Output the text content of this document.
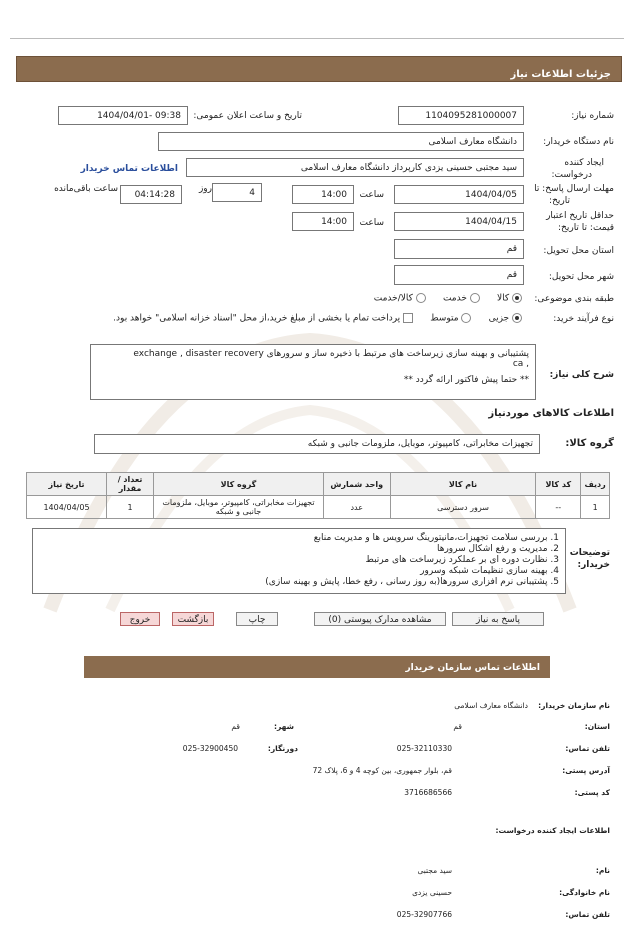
جزئیات اطلاعات نیاز
شماره نیاز:
1104095281000007
تاریخ و ساعت اعلان عمومی:
1404/04/01- 09:38
نام دستگاه خریدار:
دانشگاه معارف اسلامی
ایجاد کننده
درخواست:
سید مجتبی حسینی یزدی کارپرداز دانشگاه معارف اسلامی
اطلاعات تماس خریدار
مهلت ارسال پاسخ: تا
تاریخ:
1404/04/05
ساعت
14:00
4
روز
04:14:28
ساعت باقی‌مانده
حداقل تاریخ اعتبار
قیمت: تا تاریخ:
1404/04/15
ساعت
14:00
استان محل تحویل:
قم
شهر محل تحویل:
قم
طبقه بندی موضوعی:
کالا       خدمت       کالا/خدمت
نوع فرآیند خرید:
جزیی       متوسط       پرداخت تمام یا بخشی از مبلغ خرید،از محل "اسناد خزانه اسلامی" خواهد بود.
شرح کلی نیاز:
پشتیبانی و بهینه سازی زیرساخت های مرتبط با ذخیره ساز و سرورهای exchange , disaster recovery
ca ,
** حتما پیش فاکتور ارائه گردد **
اطلاعات کالاهای موردنیاز
گروه کالا:
تجهیزات مخابراتی، کامپیوتر، موبایل، ملزومات جانبی و شبکه
ردیف	کد کالا	نام کالا	واحد شمارش	گروه کالا	تعداد / مقدار	تاریخ نیاز
1	--	سرور دسترسی	عدد	تجهیزات مخابراتی، کامپیوتر، موبایل، ملزومات جانبی و شبکه	1	1404/04/05
توضیحات
خریدار:
1. بررسی سلامت تجهیزات،مانیتورینگ سرویس ها و مدیریت منابع
2. مدیریت و رفع اشکال سرورها
3. نظارت دوره ای بر عملکرد زیرساخت های مرتبط
4. بهینه سازی تنظیمات شبکه وسرور
5. پشتیبانی نرم افزاری سرورها(به روز رسانی ، رفع خطا، پایش و بهینه سازی)
پاسخ به نیاز
مشاهده مدارک پیوستی (0)
چاپ
بازگشت
خروج
اطلاعات تماس سازمان خریدار
نام سازمان خریدار:
دانشگاه معارف اسلامی
استان:
قم
شهر:
قم
تلفن تماس:
025-32110330
دورنگار:
025-32900450
آدرس پستی:
قم، بلوار جمهوری، بین کوچه 4 و 6، پلاک 72
کد پستی:
3716686566
اطلاعات ایجاد کننده درخواست:
نام:
سید مجتبی
نام خانوادگی:
حسینی یزدی
تلفن تماس:
025-32907766
